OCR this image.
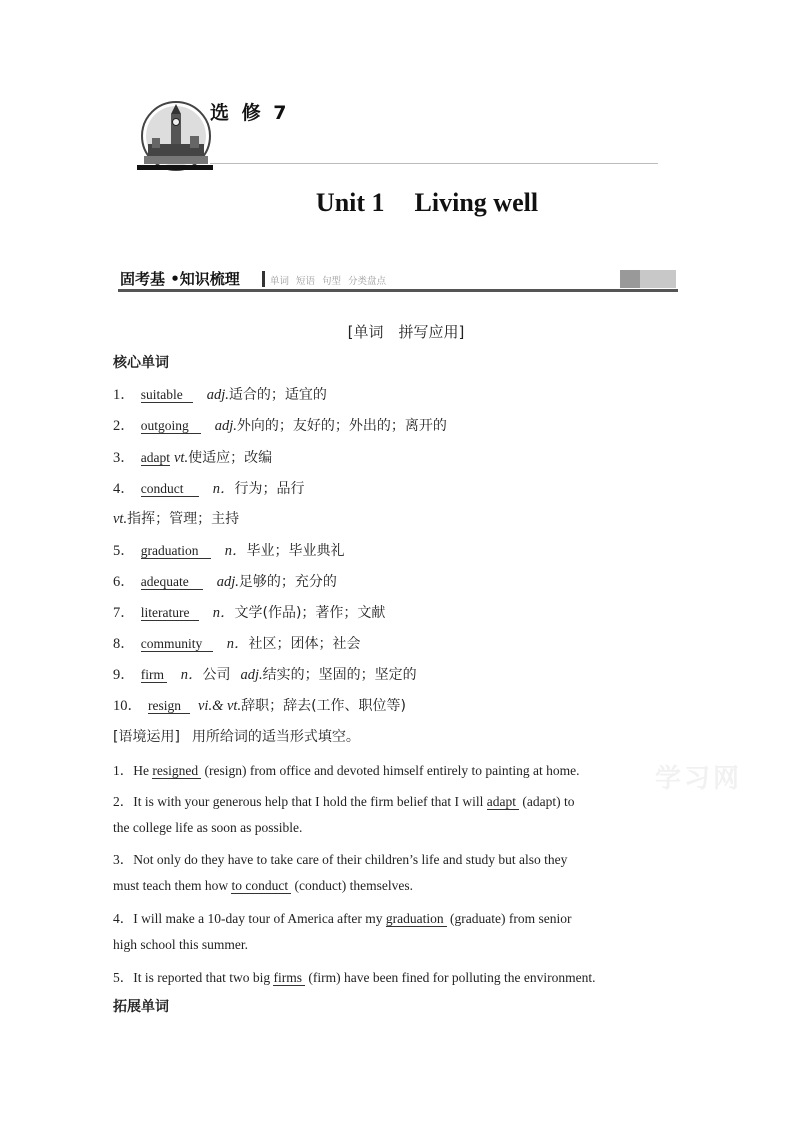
选 修 7
Unit 1 Living well
固考基 •知识梳理	单词 短语 句型 分类盘点
[单词　拼写应用]
核心单词
1． suitable adj.适合的；适宜的
2． outgoing adj.外向的；友好的；外出的；离开的
3． adapt vt.使适应；改编
4． conduct n．行为；品行
vt.指挥；管理；主持
5． graduation n．毕业；毕业典礼
6． adequate adj.足够的；充分的
7． literature n．文学(作品)；著作；文献
8． community n．社区；团体；社会
9． firm n．公司 adj.结实的；坚固的；坚定的
10． resign vi.& vt.辞职；辞去(工作、职位等)
[语境运用] 用所给词的适当形式填空。
1．He resigned (resign) from office and devoted himself entirely to painting at home.
2．It is with your generous help that I hold the firm belief that I will adapt (adapt) to
the college life as soon as possible.
3．Not only do they have to take care of their children’s life and study but also they
must teach them how to conduct (conduct) themselves.
4．I will make a 10-day tour of America after my graduation (graduate) from senior
high school this summer.
5．It is reported that two big firms (firm) have been fined for polluting the environment.
拓展单词
学习网
